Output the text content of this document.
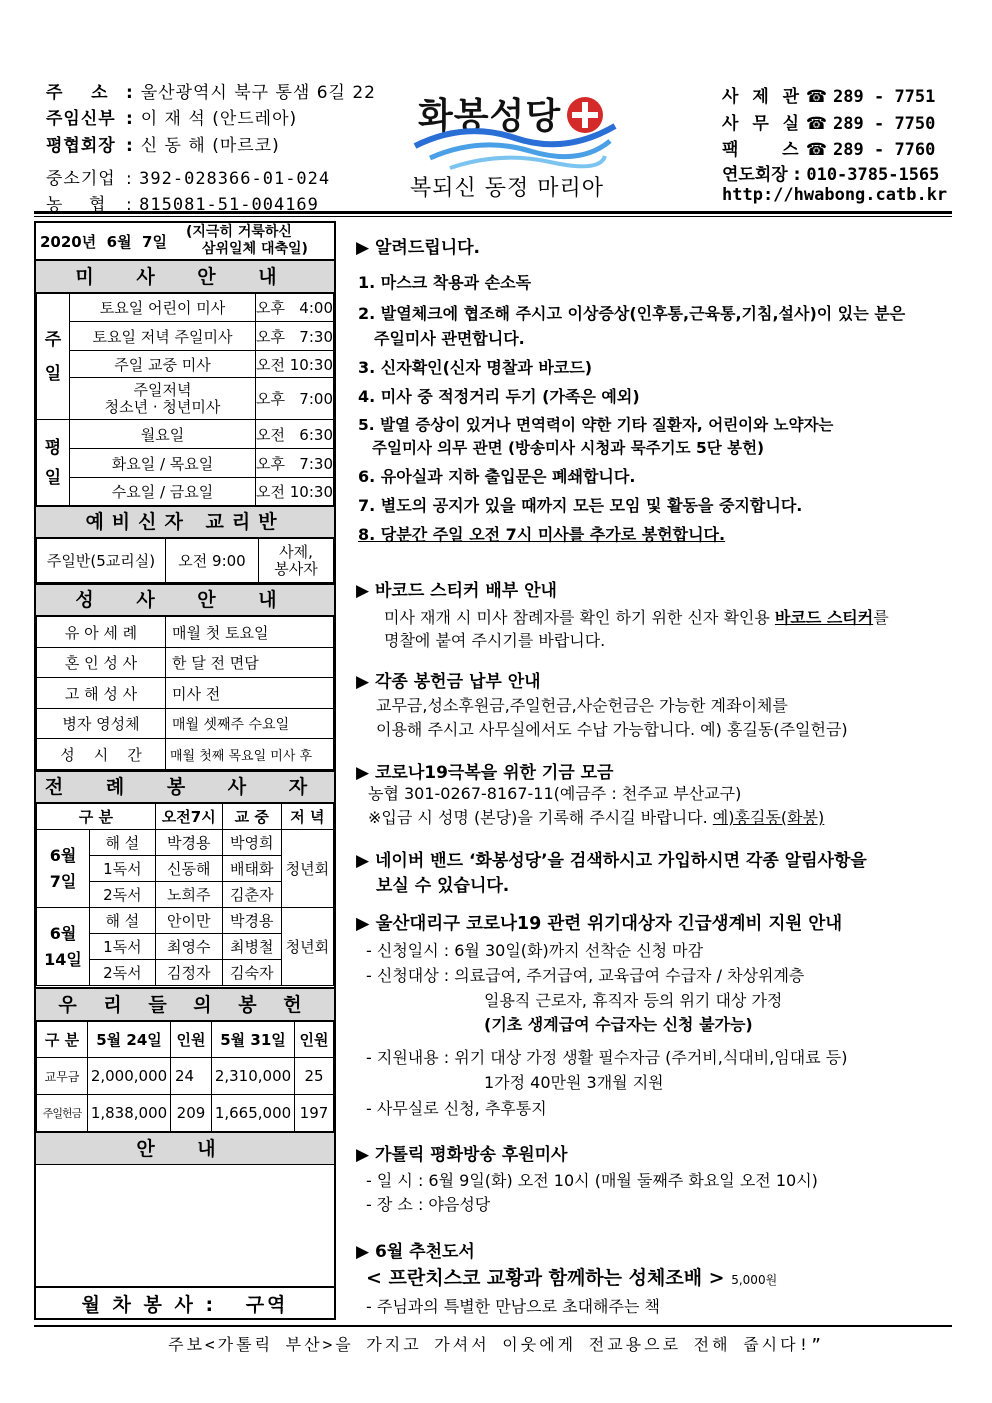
주    소 : 울산광역시 북구 통샘 6길 22
주임신부 : 이 재 석 (안드레아)
평협회장 : 신 동 해 (마르코)
중소기업 : 392-028366-01-024
농    협 : 815081-51-004169
화봉성당
복되신 동정 마리아
사 제 관 ☎ 289 - 7751
사 무 실 ☎ 289 - 7750
팩    스 ☎ 289 - 7760
연도회장 : 010-3785-1565
http://hwabong.catb.kr
2020년  6월  7일
(지극히 거룩하신
삼위일체 대축일)
미 사 안 내
주일	토요일 어린이 미사	오후   4:00
	토요일 저녁 주일미사	오후   7:30
	주일 교중 미사	오전 10:30
	주일저녁
청소년 · 청년미사	오후   7:00
평일	월요일	오전   6:30
	화요일 / 목요일	오후   7:30
	수요일 / 금요일	오전 10:30
예비신자 교리반
주일반(5교리실)	오전 9:00	사제,
봉사자
성 사 안 내
유 아 세 례	매월 첫 토요일
혼 인 성 사	한 달 전 면담
고 해 성 사	미사 전
병자 영성체	매월 셋째주 수요일
성    시    간	매월 첫째 목요일 미사 후
전 례 봉 사 자
구 분		오전7시	교 중	저 녁
6월
7일	해 설	박경용	박영희	청년회
	1독서	신동해	배태화	
	2독서	노희주	김춘자	
6월
14일	해 설	안이만	박경용	청년회
	1독서	최영수	최병철	
	2독서	김정자	김숙자	
우 리 들 의 봉 헌
구 분	5월 24일	인원	5월 31일	인원
교무금	2,000,000	24	2,310,000	25
주일헌금	1,838,000	209	1,665,000	197
안 내
월 차 봉 사 : 구역
▶ 알려드립니다.
1. 마스크 착용과 손소독
2. 발열체크에 협조해 주시고 이상증상(인후통,근육통,기침,설사)이 있는 분은
주일미사 관면합니다.
3. 신자확인(신자 명찰과 바코드)
4. 미사 중 적정거리 두기 (가족은 예외)
5. 발열 증상이 있거나 면역력이 약한 기타 질환자, 어린이와 노약자는
주일미사 의무 관면 (방송미사 시청과 묵주기도 5단 봉헌)
6. 유아실과 지하 출입문은 폐쇄합니다.
7. 별도의 공지가 있을 때까지 모든 모임 및 활동을 중지합니다.
8. 당분간 주일 오전 7시 미사를 추가로 봉헌합니다.
▶ 바코드 스티커 배부 안내
미사 재개 시 미사 참례자를 확인 하기 위한 신자 확인용 바코드 스티커를
명찰에 붙여 주시기를 바랍니다.
▶ 각종 봉헌금 납부 안내
교무금,성소후원금,주일헌금,사순헌금은 가능한 계좌이체를
이용해 주시고 사무실에서도 수납 가능합니다. 예) 홍길동(주일헌금)
▶ 코로나19극복을 위한 기금 모금
농협 301-0267-8167-11(예금주 : 천주교 부산교구)
※입금 시 성명 (본당)을 기록해 주시길 바랍니다. 예)홍길동(화봉)
▶ 네이버 밴드 ‘화봉성당’을 검색하시고 가입하시면 각종 알림사항을
보실 수 있습니다.
▶ 울산대리구 코로나19 관련 위기대상자 긴급생계비 지원 안내
- 신청일시 : 6월 30일(화)까지 선착순 신청 마감
- 신청대상 : 의료급여, 주거급여, 교육급여 수급자 / 차상위계층
일용직 근로자, 휴직자 등의 위기 대상 가정
(기초 생계급여 수급자는 신청 불가능)
- 지원내용 : 위기 대상 가정 생활 필수자금 (주거비,식대비,임대료 등)
1가정 40만원 3개월 지원
- 사무실로 신청, 추후통지
▶ 가톨릭 평화방송 후원미사
- 일 시 : 6월 9일(화) 오전 10시 (매월 둘째주 화요일 오전 10시)
- 장 소 : 야음성당
▶ 6월 추천도서
< 프란치스코 교황과 함께하는 성체조배 > 5,000원
- 주님과의 특별한 만남으로 초대해주는 책
주보<가톨릭 부산>을 가지고 가셔서 이웃에게 전교용으로 전해 줍시다!”
